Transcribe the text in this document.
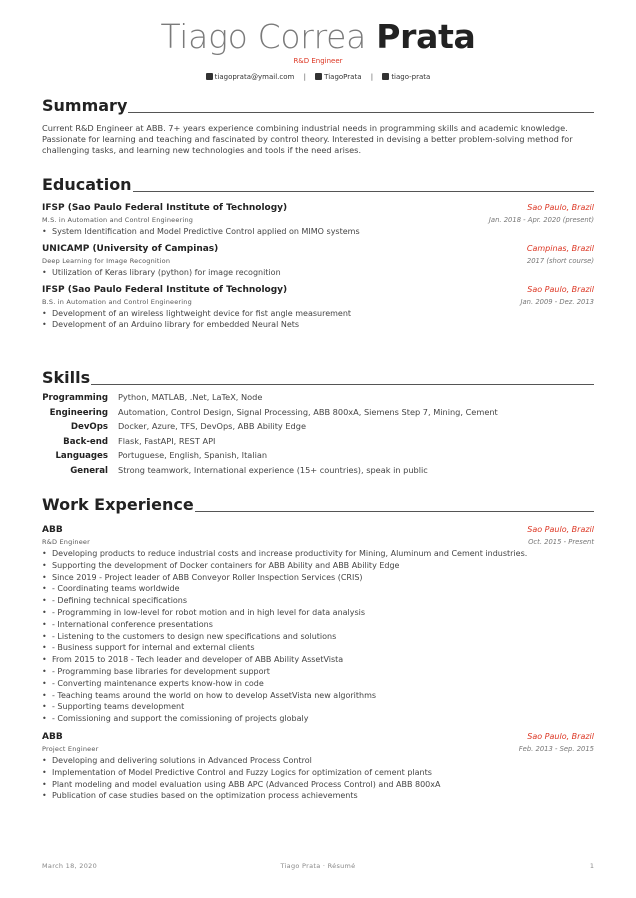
Tiago Correa Prata
R&D Engineer
tiagoprata@ymail.com |	TiagoPrata |	tiago-prata
Summary
Current R&D Engineer at ABB. 7+ years experience combining industrial needs in programming skills and academic knowledge. Passionate for learning and teaching and fascinated by control theory. Interested in devising a better problem-solving method for challenging tasks, and learning new technologies and tools if the need arises.
Education
IFSP (Sao Paulo Federal Institute of Technology)	Sao Paulo, Brazil
M.S. in Automation and Control Engineering	Jan. 2018 - Apr. 2020 (present)
• System Identification and Model Predictive Control applied on MIMO systems
UNICAMP (University of Campinas)	Campinas, Brazil
Deep Learning for Image Recognition	2017 (short course)
• Utilization of Keras library (python) for image recognition
IFSP (Sao Paulo Federal Institute of Technology)	Sao Paulo, Brazil
B.S. in Automation and Control Engineering	Jan. 2009 - Dez. 2013
• Development of an wireless lightweight device for fist angle measurement
• Development of an Arduino library for embedded Neural Nets
Skills
Programming	Python, MATLAB, .Net, LaTeX, Node
Engineering	Automation, Control Design, Signal Processing, ABB 800xA, Siemens Step 7, Mining, Cement
DevOps	Docker, Azure, TFS, DevOps, ABB Ability Edge
Back-end	Flask, FastAPI, REST API
Languages	Portuguese, English, Spanish, Italian
General	Strong teamwork, International experience (15+ countries), speak in public
Work Experience
ABB	Sao Paulo, Brazil
R&D Engineer	Oct. 2015 - Present
• Developing products to reduce industrial costs and increase productivity for Mining, Aluminum and Cement industries.
• Supporting the development of Docker containers for ABB Ability and ABB Ability Edge
• Since 2019 - Project leader of ABB Conveyor Roller Inspection Services (CRIS)
• - Coordinating teams worldwide
• - Defining technical specifications
• - Programming in low-level for robot motion and in high level for data analysis
• - International conference presentations
• - Listening to the customers to design new specifications and solutions
• - Business support for internal and external clients
• From 2015 to 2018 - Tech leader and developer of ABB Ability AssetVista
• - Programming base libraries for development support
• - Converting maintenance experts know-how in code
• - Teaching teams around the world on how to develop AssetVista new algorithms
• - Supporting teams development
• - Comissioning and support the comissioning of projects globaly
ABB	Sao Paulo, Brazil
Project Engineer	Feb. 2013 - Sep. 2015
• Developing and delivering solutions in Advanced Process Control
• Implementation of Model Predictive Control and Fuzzy Logics for optimization of cement plants
• Plant modeling and model evaluation using ABB APC (Advanced Process Control) and ABB 800xA
• Publication of case studies based on the optimization process achievements
March 18, 2020	Tiago Prata · Résumé	1
